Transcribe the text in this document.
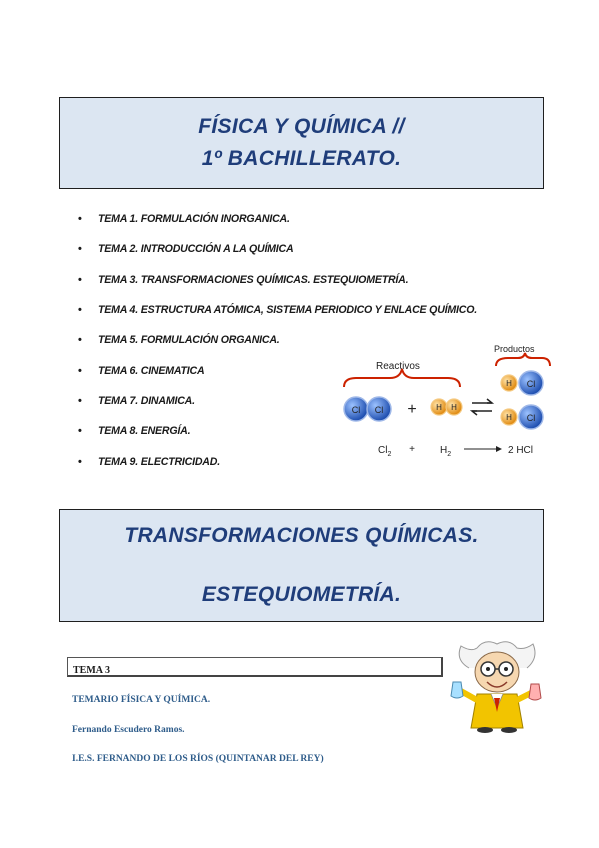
FÍSICA Y QUÍMICA //
1º BACHILLERATO.
•	TEMA 1. FORMULACIÓN INORGANICA.
•	TEMA 2. INTRODUCCIÓN A LA QUÍMICA
•	TEMA 3. TRANSFORMACIONES QUÍMICAS. ESTEQUIOMETRÍA.
•	TEMA 4. ESTRUCTURA ATÓMICA, SISTEMA PERIODICO Y ENLACE QUÍMICO.
•	TEMA 5. FORMULACIÓN ORGANICA.
•	TEMA 6. CINEMATICA
•	TEMA 7. DINAMICA.
•	TEMA 8. ENERGÍA.
•	TEMA 9. ELECTRICIDAD.
Reactivos
Productos
Cl Cl + H H
H Cl
H Cl
$Cl_2$ +	$H_2$	2 HCl
TRANSFORMACIONES QUÍMICAS.
ESTEQUIOMETRÍA.
TEMA 3
TEMARIO FÍSICA Y QUÍMICA.
Fernando Escudero Ramos.
I.E.S. FERNANDO DE LOS RÍOS (QUINTANAR DEL REY)
